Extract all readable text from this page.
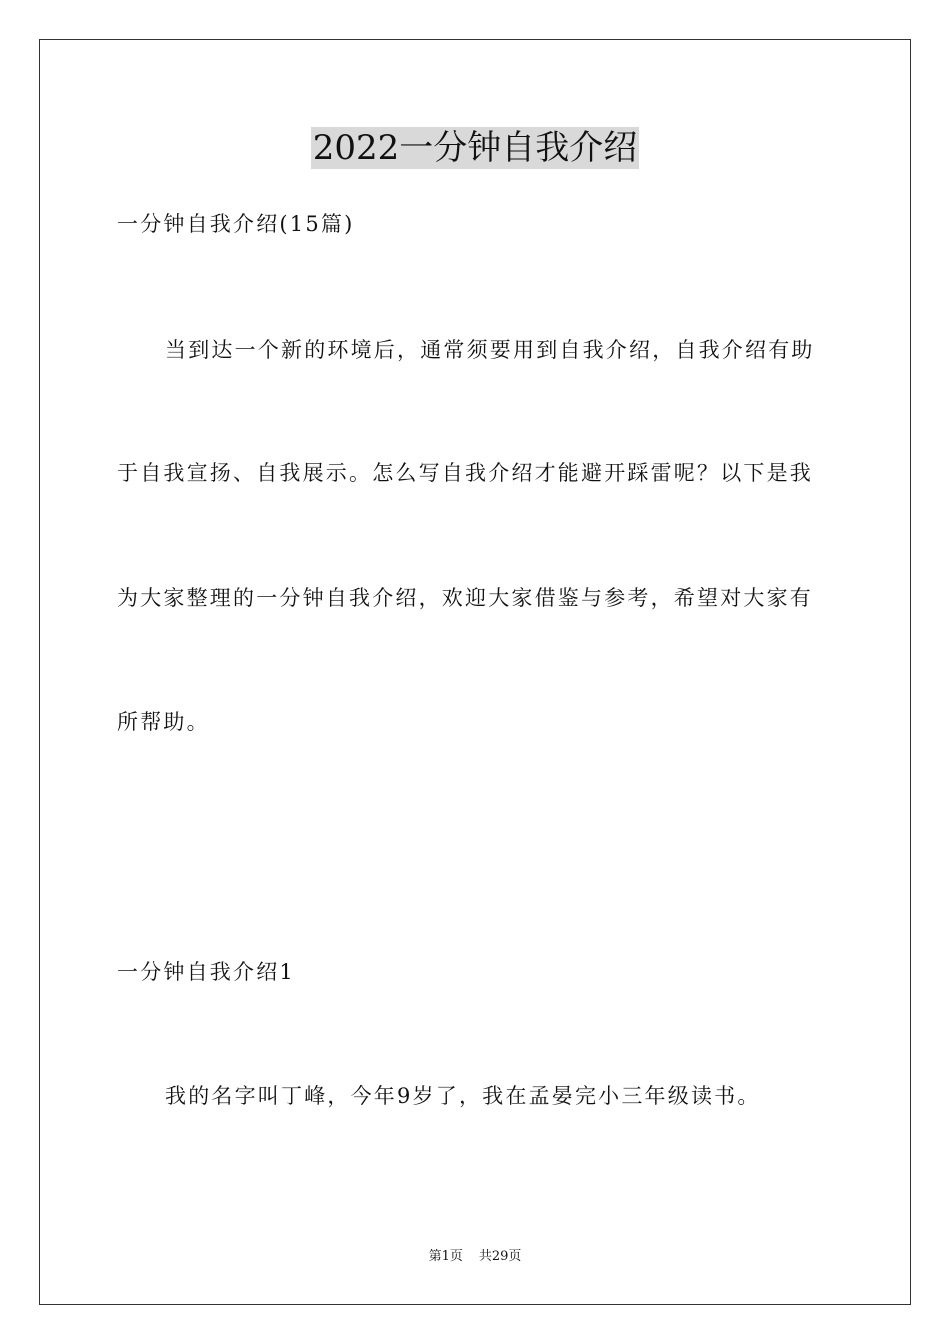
2022一分钟自我介绍
一分钟自我介绍(15篇)
当到达一个新的环境后，通常须要用到自我介绍，自我介绍有助
于自我宣扬、自我展示。怎么写自我介绍才能避开踩雷呢？以下是我
为大家整理的一分钟自我介绍，欢迎大家借鉴与参考，希望对大家有
所帮助。
一分钟自我介绍1
我的名字叫丁峰，今年9岁了，我在孟晏完小三年级读书。
第1页 共29页
